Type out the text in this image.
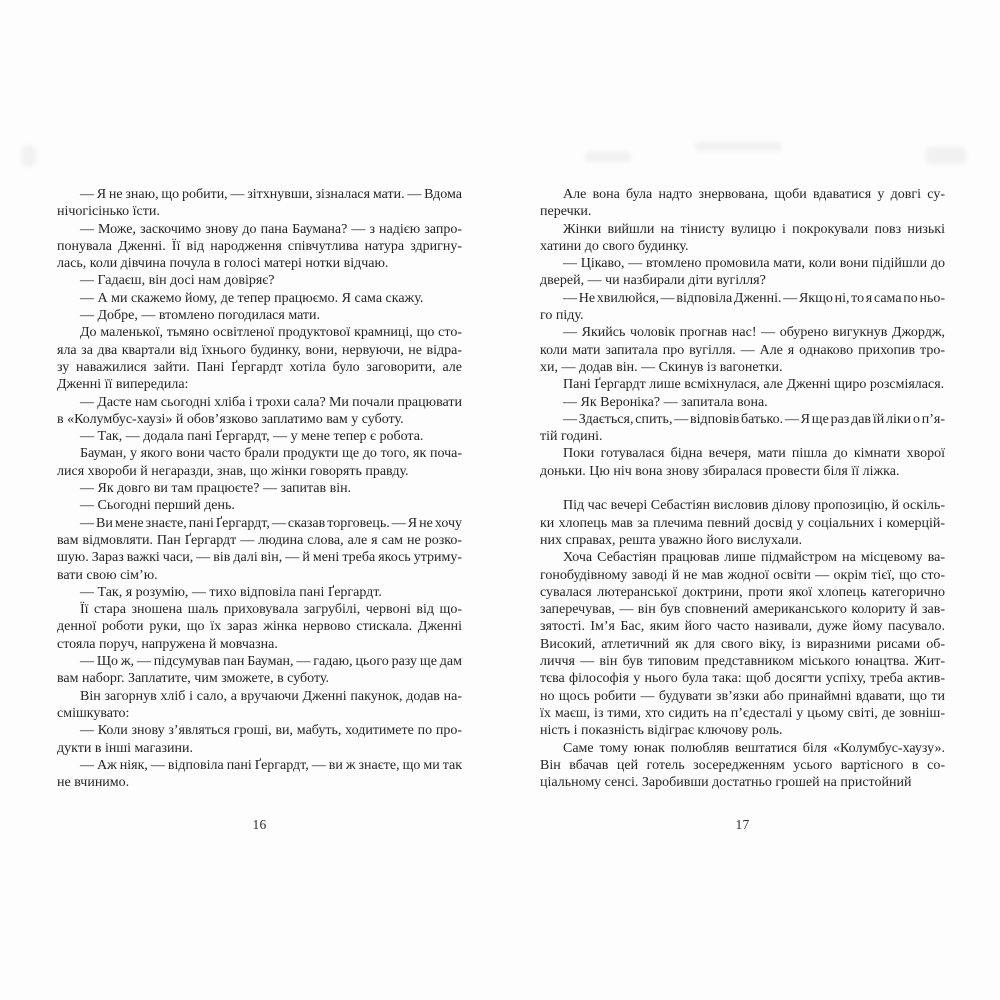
— Я не знаю, що робити, — зітхнувши, зізналася мати. — Вдома
нічогісінько їсти.

— Може, заскочимо знову до пана Баумана? — з надією запро-
понувала Дженні. Її від народження співчутлива натура здригну-
лась, коли дівчина почула в голосі матері нотки відчаю.

— Гадаєш, він досі нам довіряє?

— А ми скажемо йому, де тепер працюємо. Я сама скажу.

— Добре, — втомлено погодилася мати.

До маленької, тьмяно освітленої продуктової крамниці, що сто-
яла за два квартали від їхнього будинку, вони, нервуючи, не відра-
зу наважилися зайти. Пані Ґергардт хотіла було заговорити, але
Дженні її випередила:

— Дасте нам сьогодні хліба і трохи сала? Ми почали працювати
в «Колумбус-хаузі» й обов’язково заплатимо вам у суботу.

— Так, — додала пані Ґергардт, — у мене тепер є робота.

Бауман, у якого вони часто брали продукти ще до того, як поча-
лися хвороби й негаразди, знав, що жінки говорять правду.

— Як довго ви там працюєте? — запитав він.

— Сьогодні перший день.

— Ви мене знаєте, пані Ґергардт, — сказав торговець. — Я не хочу
вам відмовляти. Пан Ґергардт — людина слова, але я сам не розко-
шую. Зараз важкі часи, — вів далі він, — й мені треба якось утриму-
вати свою сім’ю.

— Так, я розумію, — тихо відповіла пані Ґергардт.

Її стара зношена шаль приховувала загрубілі, червоні від що-
денної роботи руки, що їх зараз жінка нервово стискала. Дженні
стояла поруч, напружена й мовчазна.

— Що ж, — підсумував пан Бауман, — гадаю, цього разу ще дам
вам наборг. Заплатите, чим зможете, в суботу.

Він загорнув хліб і сало, а вручаючи Дженні пакунок, додав на-
смішкувато:

— Коли знову з’являться гроші, ви, мабуть, ходитимете по про-
дукти в інші магазини.

— Аж ніяк, — відповіла пані Ґергардт, — ви ж знаєте, що ми так
не вчинимо.

Але вона була надто знервована, щоби вдаватися у довгі су-
перечки.

Жінки вийшли на тінисту вулицю і покрокували повз низькі
хатини до свого будинку.

— Цікаво, — втомлено промовила мати, коли вони підійшли до
дверей, — чи назбирали діти вугілля?

— Не хвилюйся, — відповіла Дженні. — Якщо ні, то я сама по ньо-
го піду.

— Якийсь чоловік прогнав нас! — обурено вигукнув Джордж,
коли мати запитала про вугілля. — Але я однаково прихопив тро-
хи, — додав він. — Скинув із вагонетки.

Пані Ґергардт лише всміхнулася, але Дженні щиро розсміялася.

— Як Вероніка? — запитала вона.

— Здається, спить, — відповів батько. — Я ще раз дав їй ліки о п’я-
тій годині.

Поки готувалася бідна вечеря, мати пішла до кімнати хворої
доньки. Цю ніч вона знову збиралася провести біля її ліжка.

Під час вечері Себастіян висловив ділову пропозицію, й оскіль-
ки хлопець мав за плечима певний досвід у соціальних і комерцій-
них справах, решта уважно його вислухали.

Хоча Себастіян працював лише підмайстром на місцевому ва-
гонобудівному заводі й не мав жодної освіти — окрім тієї, що сто-
сувалася лютеранської доктрини, проти якої хлопець категорично
заперечував, — він був сповнений американського колориту й зав-
зятості. Ім’я Бас, яким його часто називали, дуже йому пасувало.
Високий, атлетичний як для свого віку, із виразними рисами об-
личчя — він був типовим представником міського юнацтва. Жит-
тєва філософія у нього була така: щоб досягти успіху, треба актив-
но щось робити — будувати зв’язки або принаймні вдавати, що ти
їх маєш, із тими, хто сидить на п’єдесталі у цьому світі, де зовніш-
ність і показність відіграє ключову роль.

Саме тому юнак полюбляв вештатися біля «Колумбус-хаузу».
Він вбачав цей готель зосередженням усього вартісного в со-
ціальному сенсі. Заробивши достатньо грошей на пристойний

16	17
